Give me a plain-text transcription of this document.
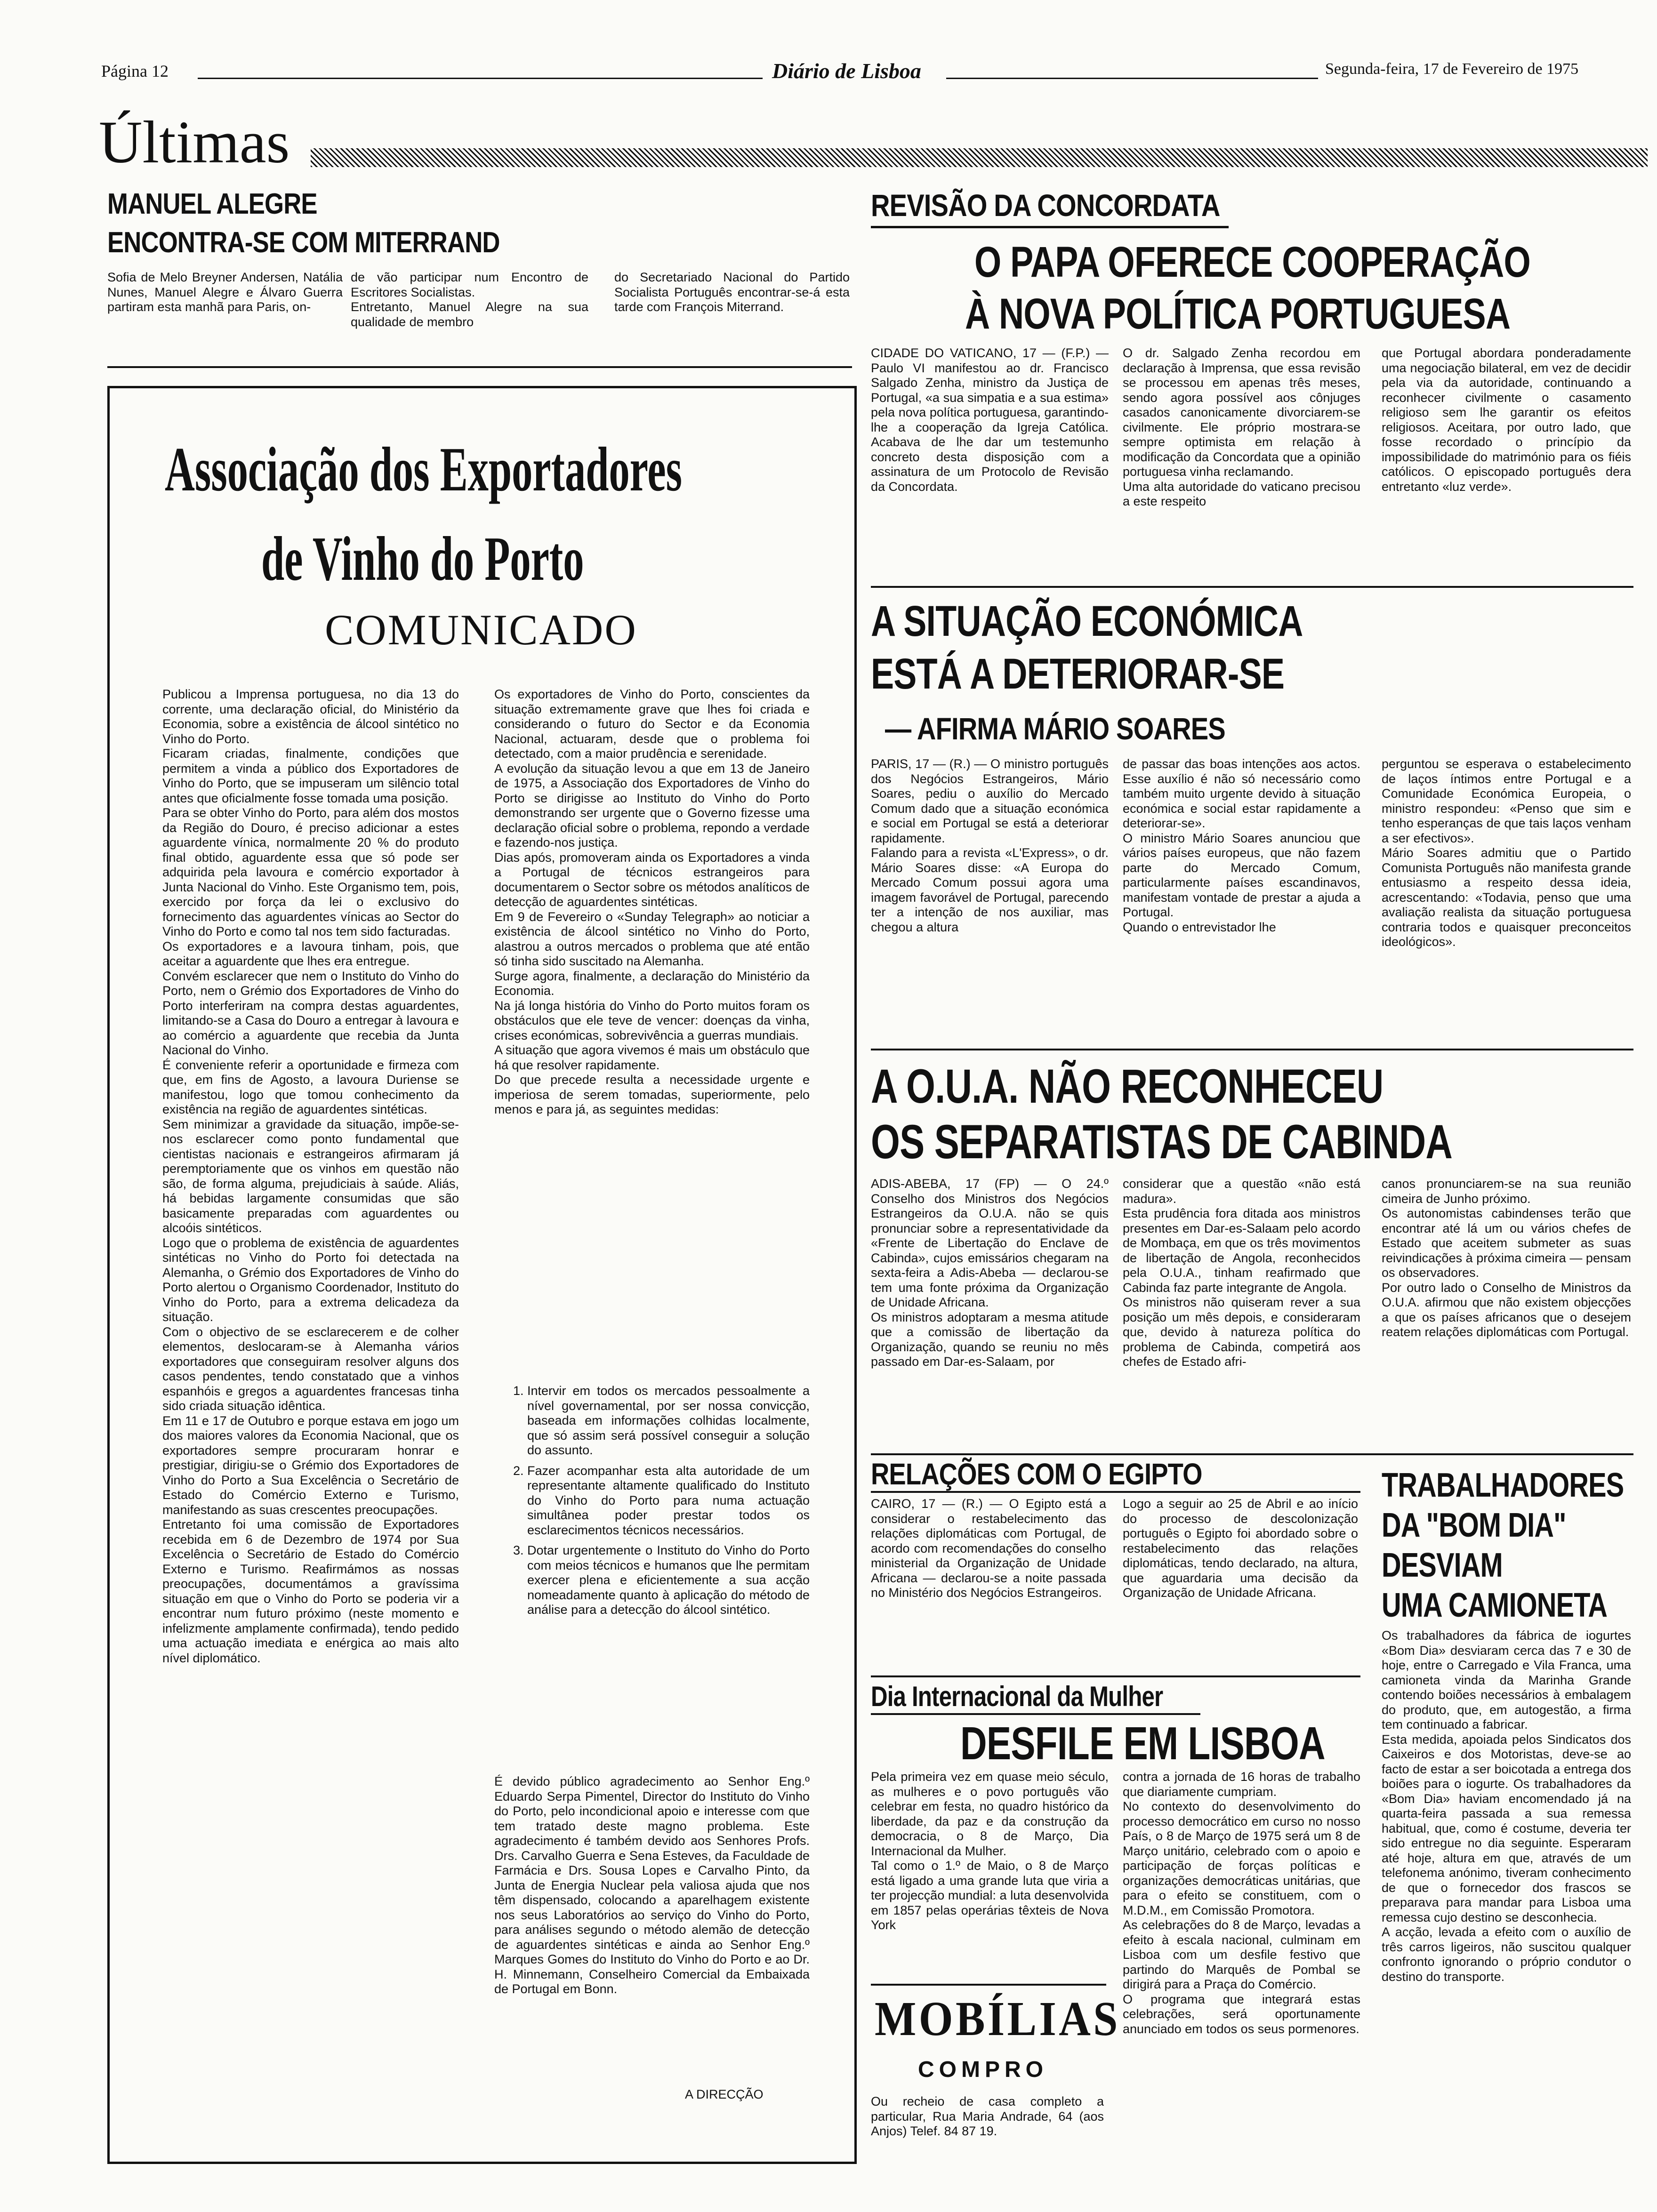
Página 12	Diário de Lisboa	Segunda-feira, 17 de Fevereiro de 1975
Últimas
MANUEL ALEGRE
ENCONTRA-SE COM MITERRAND
Sofia de Melo Breyner Andersen, Natália Nunes, Manuel Alegre e Álvaro Guerra partiram esta manhã para Paris, on-
de vão participar num Encontro de Escritores Socialistas.
Entretanto, Manuel Alegre na sua qualidade de membro
do Secretariado Nacional do Partido Socialista Português encontrar-se-á esta tarde com François Miterrand.
Associação dos Exportadores
de Vinho do Porto
COMUNICADO
Publicou a Imprensa portuguesa, no dia 13 do corrente, uma declaração oficial, do Ministério da Economia, sobre a existência de álcool sintético no Vinho do Porto.
Ficaram criadas, finalmente, condições que permitem a vinda a público dos Exportadores de Vinho do Porto, que se impuseram um silêncio total antes que oficialmente fosse tomada uma posição.
Para se obter Vinho do Porto, para além dos mostos da Região do Douro, é preciso adicionar a estes aguardente vínica, normalmente 20 % do produto final obtido, aguardente essa que só pode ser adquirida pela lavoura e comércio exportador à Junta Nacional do Vinho. Este Organismo tem, pois, exercido por força da lei o exclusivo do fornecimento das aguardentes vínicas ao Sector do Vinho do Porto e como tal nos tem sido facturadas.
Os exportadores e a lavoura tinham, pois, que aceitar a aguardente que lhes era entregue.
Convém esclarecer que nem o Instituto do Vinho do Porto, nem o Grémio dos Exportadores de Vinho do Porto interferiram na compra destas aguardentes, limitando-se a Casa do Douro a entregar à lavoura e ao comércio a aguardente que recebia da Junta Nacional do Vinho.
É conveniente referir a oportunidade e firmeza com que, em fins de Agosto, a lavoura Duriense se manifestou, logo que tomou conhecimento da existência na região de aguardentes sintéticas.
Sem minimizar a gravidade da situação, impõe-se-nos esclarecer como ponto fundamental que cientistas nacionais e estrangeiros afirmaram já peremptoriamente que os vinhos em questão não são, de forma alguma, prejudiciais à saúde. Aliás, há bebidas largamente consumidas que são basicamente preparadas com aguardentes ou alcoóis sintéticos.
Logo que o problema de existência de aguardentes sintéticas no Vinho do Porto foi detectada na Alemanha, o Grémio dos Exportadores de Vinho do Porto alertou o Organismo Coordenador, Instituto do Vinho do Porto, para a extrema delicadeza da situação.
Com o objectivo de se esclarecerem e de colher elementos, deslocaram-se à Alemanha vários exportadores que conseguiram resolver alguns dos casos pendentes, tendo constatado que a vinhos espanhóis e gregos a aguardentes francesas tinha sido criada situação idêntica.
Em 11 e 17 de Outubro e porque estava em jogo um dos maiores valores da Economia Nacional, que os exportadores sempre procuraram honrar e prestigiar, dirigiu-se o Grémio dos Exportadores de Vinho do Porto a Sua Excelência o Secretário de Estado do Comércio Externo e Turismo, manifestando as suas crescentes preocupações.
Entretanto foi uma comissão de Exportadores recebida em 6 de Dezembro de 1974 por Sua Excelência o Secretário de Estado do Comércio Externo e Turismo. Reafirmámos as nossas preocupações, documentámos a gravíssima situação em que o Vinho do Porto se poderia vir a encontrar num futuro próximo (neste momento e infelizmente amplamente confirmada), tendo pedido uma actuação imediata e enérgica ao mais alto nível diplomático.
Os exportadores de Vinho do Porto, conscientes da situação extremamente grave que lhes foi criada e considerando o futuro do Sector e da Economia Nacional, actuaram, desde que o problema foi detectado, com a maior prudência e serenidade.
A evolução da situação levou a que em 13 de Janeiro de 1975, a Associação dos Exportadores de Vinho do Porto se dirigisse ao Instituto do Vinho do Porto demonstrando ser urgente que o Governo fizesse uma declaração oficial sobre o problema, repondo a verdade e fazendo-nos justiça.
Dias após, promoveram ainda os Exportadores a vinda a Portugal de técnicos estrangeiros para documentarem o Sector sobre os métodos analíticos de detecção de aguardentes sintéticas.
Em 9 de Fevereiro o «Sunday Telegraph» ao noticiar a existência de álcool sintético no Vinho do Porto, alastrou a outros mercados o problema que até então só tinha sido suscitado na Alemanha.
Surge agora, finalmente, a declaração do Ministério da Economia.
Na já longa história do Vinho do Porto muitos foram os obstáculos que ele teve de vencer: doenças da vinha, crises económicas, sobrevivência a guerras mundiais.
A situação que agora vivemos é mais um obstáculo que há que resolver rapidamente.
Do que precede resulta a necessidade urgente e imperiosa de serem tomadas, superiormente, pelo menos e para já, as seguintes medidas:
1. Intervir em todos os mercados pessoalmente a nível governamental, por ser nossa convicção, baseada em informações colhidas localmente, que só assim será possível conseguir a solução do assunto.
2. Fazer acompanhar esta alta autoridade de um representante altamente qualificado do Instituto do Vinho do Porto para numa actuação simultânea poder prestar todos os esclarecimentos técnicos necessários.
3. Dotar urgentemente o Instituto do Vinho do Porto com meios técnicos e humanos que lhe permitam exercer plena e eficientemente a sua acção nomeadamente quanto à aplicação do método de análise para a detecção do álcool sintético.
É devido público agradecimento ao Senhor Eng.º Eduardo Serpa Pimentel, Director do Instituto do Vinho do Porto, pelo incondicional apoio e interesse com que tem tratado deste magno problema. Este agradecimento é também devido aos Senhores Profs. Drs. Carvalho Guerra e Sena Esteves, da Faculdade de Farmácia e Drs. Sousa Lopes e Carvalho Pinto, da Junta de Energia Nuclear pela valiosa ajuda que nos têm dispensado, colocando a aparelhagem existente nos seus Laboratórios ao serviço do Vinho do Porto, para análises segundo o método alemão de detecção de aguardentes sintéticas e ainda ao Senhor Eng.º Marques Gomes do Instituto do Vinho do Porto e ao Dr. H. Minnemann, Conselheiro Comercial da Embaixada de Portugal em Bonn.
A DIRECÇÃO
REVISÃO DA CONCORDATA
O PAPA OFERECE COOPERAÇÃO
À NOVA POLÍTICA PORTUGUESA
CIDADE DO VATICANO, 17 — (F.P.) — Paulo VI manifestou ao dr. Francisco Salgado Zenha, ministro da Justiça de Portugal, «a sua simpatia e a sua estima» pela nova política portuguesa, garantindo-lhe a cooperação da Igreja Católica. Acabava de lhe dar um testemunho concreto desta disposição com a assinatura de um Protocolo de Revisão da Concordata.
O dr. Salgado Zenha recordou em declaração à Imprensa, que essa revisão se processou em apenas três meses, sendo agora possível aos cônjuges casados canonicamente divorciarem-se civilmente. Ele próprio mostrara-se sempre optimista em relação à modificação da Concordata que a opinião portuguesa vinha reclamando.
Uma alta autoridade do vaticano precisou a este respeito
que Portugal abordara ponderadamente uma negociação bilateral, em vez de decidir pela via da autoridade, continuando a reconhecer civilmente o casamento religioso sem lhe garantir os efeitos religiosos. Aceitara, por outro lado, que fosse recordado o princípio da impossibilidade do matrimónio para os fiéis católicos. O episcopado português dera entretanto «luz verde».
A SITUAÇÃO ECONÓMICA
ESTÁ A DETERIORAR-SE
— AFIRMA MÁRIO SOARES
PARIS, 17 — (R.) — O ministro português dos Negócios Estrangeiros, Mário Soares, pediu o auxílio do Mercado Comum dado que a situação económica e social em Portugal se está a deteriorar rapidamente.
Falando para a revista «L'Express», o dr. Mário Soares disse: «A Europa do Mercado Comum possui agora uma imagem favorável de Portugal, parecendo ter a intenção de nos auxiliar, mas chegou a altura
de passar das boas intenções aos actos. Esse auxílio é não só necessário como também muito urgente devido à situação económica e social estar rapidamente a deteriorar-se».
O ministro Mário Soares anunciou que vários países europeus, que não fazem parte do Mercado Comum, particularmente países escandinavos, manifestam vontade de prestar a ajuda a Portugal.
Quando o entrevistador lhe
perguntou se esperava o estabelecimento de laços íntimos entre Portugal e a Comunidade Económica Europeia, o ministro respondeu: «Penso que sim e tenho esperanças de que tais laços venham a ser efectivos».
Mário Soares admitiu que o Partido Comunista Português não manifesta grande entusiasmo a respeito dessa ideia, acrescentando: «Todavia, penso que uma avaliação realista da situação portuguesa contraria todos e quaisquer preconceitos ideológicos».
A O.U.A. NÃO RECONHECEU
OS SEPARATISTAS DE CABINDA
ADIS-ABEBA, 17 (FP) — O 24.º Conselho dos Ministros dos Negócios Estrangeiros da O.U.A. não se quis pronunciar sobre a representatividade da «Frente de Libertação do Enclave de Cabinda», cujos emissários chegaram na sexta-feira a Adis-Abeba — declarou-se tem uma fonte próxima da Organização de Unidade Africana.
Os ministros adoptaram a mesma atitude que a comissão de libertação da Organização, quando se reuniu no mês passado em Dar-es-Salaam, por
considerar que a questão «não está madura».
Esta prudência fora ditada aos ministros presentes em Dar-es-Salaam pelo acordo de Mombaça, em que os três movimentos de libertação de Angola, reconhecidos pela O.U.A., tinham reafirmado que Cabinda faz parte integrante de Angola.
Os ministros não quiseram rever a sua posição um mês depois, e consideraram que, devido à natureza política do problema de Cabinda, competirá aos chefes de Estado afri-
canos pronunciarem-se na sua reunião cimeira de Junho próximo.
Os autonomistas cabindenses terão que encontrar até lá um ou vários chefes de Estado que aceitem submeter as suas reivindicações à próxima cimeira — pensam os observadores.
Por outro lado o Conselho de Ministros da O.U.A. afirmou que não existem objecções a que os países africanos que o desejem reatem relações diplomáticas com Portugal.
RELAÇÕES COM O EGIPTO
CAIRO, 17 — (R.) — O Egipto está a considerar o restabelecimento das relações diplomáticas com Portugal, de acordo com recomendações do conselho ministerial da Organização de Unidade Africana — declarou-se a noite passada no Ministério dos Negócios Estrangeiros.
Logo a seguir ao 25 de Abril e ao início do processo de descolonização português o Egipto foi abordado sobre o restabelecimento das relações diplomáticas, tendo declarado, na altura, que aguardaria uma decisão da Organização de Unidade Africana.
TRABALHADORES
DA "BOM DIA"
DESVIAM
UMA CAMIONETA
Os trabalhadores da fábrica de iogurtes «Bom Dia» desviaram cerca das 7 e 30 de hoje, entre o Carregado e Vila Franca, uma camioneta vinda da Marinha Grande contendo boiões necessários à embalagem do produto, que, em autogestão, a firma tem continuado a fabricar.
Esta medida, apoiada pelos Sindicatos dos Caixeiros e dos Motoristas, deve-se ao facto de estar a ser boicotada a entrega dos boiões para o iogurte. Os trabalhadores da «Bom Dia» haviam encomendado já na quarta-feira passada a sua remessa habitual, que, como é costume, deveria ter sido entregue no dia seguinte. Esperaram até hoje, altura em que, através de um telefonema anónimo, tiveram conhecimento de que o fornecedor dos frascos se preparava para mandar para Lisboa uma remessa cujo destino se desconhecia.
A acção, levada a efeito com o auxílio de três carros ligeiros, não suscitou qualquer confronto ignorando o próprio condutor o destino do transporte.
Dia Internacional da Mulher
DESFILE EM LISBOA
Pela primeira vez em quase meio século, as mulheres e o povo português vão celebrar em festa, no quadro histórico da liberdade, da paz e da construção da democracia, o 8 de Março, Dia Internacional da Mulher.
Tal como o 1.º de Maio, o 8 de Março está ligado a uma grande luta que viria a ter projecção mundial: a luta desenvolvida em 1857 pelas operárias têxteis de Nova York
contra a jornada de 16 horas de trabalho que diariamente cumpriam.
No contexto do desenvolvimento do processo democrático em curso no nosso País, o 8 de Março de 1975 será um 8 de Março unitário, celebrado com o apoio e participação de forças políticas e organizações democráticas unitárias, que para o efeito se constituem, com o M.D.M., em Comissão Promotora.
As celebrações do 8 de Março, levadas a efeito à escala nacional, culminam em Lisboa com um desfile festivo que partindo do Marquês de Pombal se dirigirá para a Praça do Comércio.
O programa que integrará estas celebrações, será oportunamente anunciado em todos os seus pormenores.
MOBÍLIAS
COMPRO
Ou recheio de casa completo a particular, Rua Maria Andrade, 64 (aos Anjos) Telef. 84 87 19.
